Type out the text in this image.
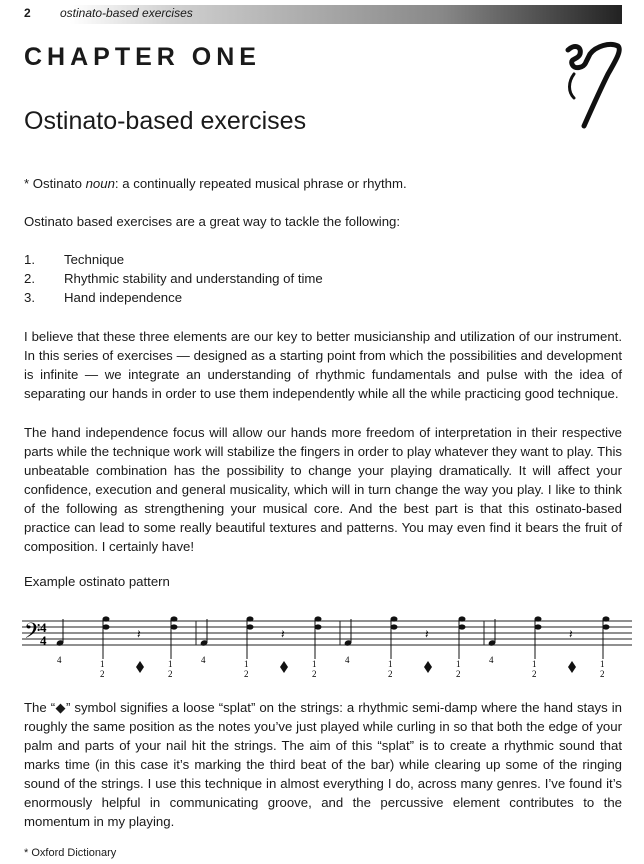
2 ostinato-based exercises
CHAPTER ONE
Ostinato-based exercises

* Ostinato noun: a continually repeated musical phrase or rhythm.

Ostinato based exercises are a great way to tackle the following:

1.	Technique
2.	Rhythmic stability and understanding of time
3.	Hand independence

I believe that these three elements are our key to better musicianship and utilization of our instrument. In this series of exercises — designed as a starting point from which the possibilities and development is infinite — we integrate an understanding of rhythmic fundamentals and pulse with the idea of separating our hands in order to use them independently while all the while practicing good technique.

The hand independence focus will allow our hands more freedom of interpretation in their respective parts while the technique work will stabilize the fingers in order to play whatever they want to play. This unbeatable combination has the possibility to change your playing dramatically. It will affect your confidence, execution and general musicality, which will in turn change the way you play. I like to think of the following as strengthening your musical core. And the best part is that this ostinato-based practice can lead to some really beautiful textures and patterns. You may even find it bears the fruit of composition. I certainly have!

Example ostinato pattern

𝄢 4
4
4	1
2
1
2
𝄽
4	1
2
1
2
𝄽
4	1
2
1
2
𝄽
4	1
2
1
2
𝄽

The “◆” symbol signifies a loose “splat” on the strings: a rhythmic semi-damp where the hand stays in roughly the same position as the notes you’ve just played while curling in so that both the edge of your palm and parts of your nail hit the strings. The aim of this “splat” is to create a rhythmic sound that marks time (in this case it’s marking the third beat of the bar) while clearing up some of the ringing sound of the strings. I use this technique in almost everything I do, across many genres. I’ve found it’s enormously helpful in communicating groove, and the percussive element contributes to the momentum in my playing.

* Oxford Dictionary
